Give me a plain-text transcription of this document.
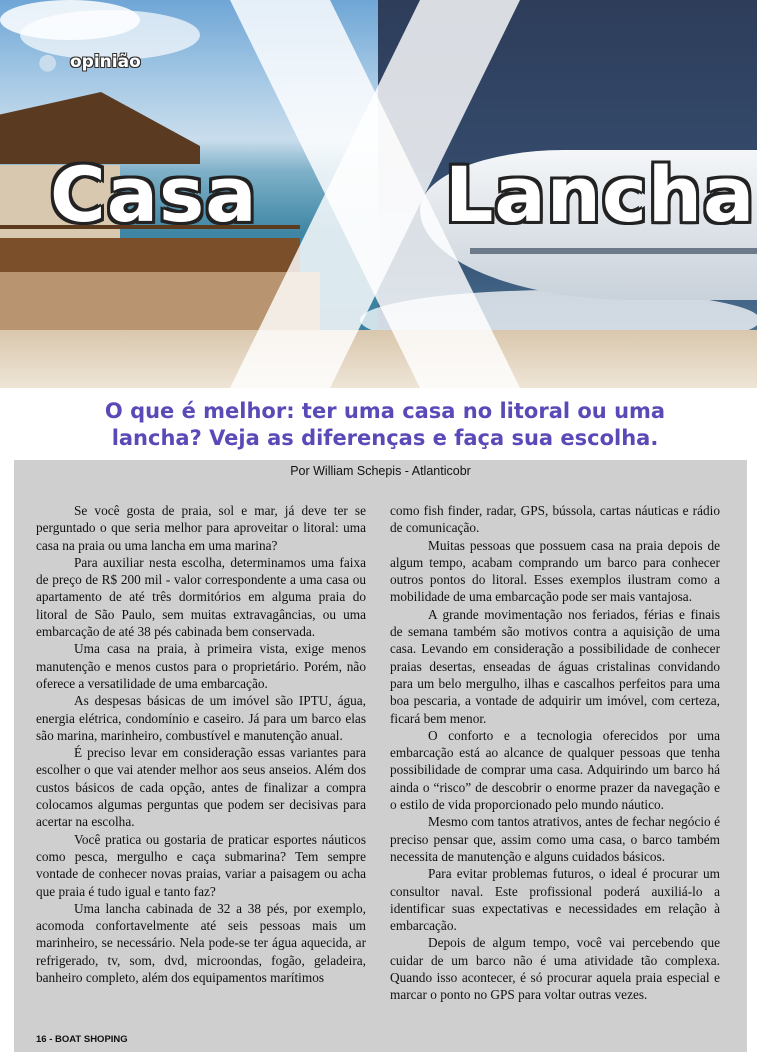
● opinião
Casa Lancha
O que é melhor: ter uma casa no litoral ou uma
lancha? Veja as diferenças e faça sua escolha.
Por William Schepis - Atlanticobr

Se você gosta de praia, sol e mar, já deve ter se perguntado o que seria melhor para aproveitar o litoral: uma casa na praia ou uma lancha em uma marina?

Para auxiliar nesta escolha, determinamos uma faixa de preço de R$ 200 mil - valor correspondente a uma casa ou apartamento de até três dormitórios em alguma praia do litoral de São Paulo, sem muitas extravagâncias, ou uma embarcação de até 38 pés cabinada bem conservada.

Uma casa na praia, à primeira vista, exige menos manutenção e menos custos para o proprietário. Porém, não oferece a versatilidade de uma embarcação.

As despesas básicas de um imóvel são IPTU, água, energia elétrica, condomínio e caseiro. Já para um barco elas são marina, marinheiro, combustível e manutenção anual.

É preciso levar em consideração essas variantes para escolher o que vai atender melhor aos seus anseios. Além dos custos básicos de cada opção, antes de finalizar a compra colocamos algumas perguntas que podem ser decisivas para acertar na escolha.

Você pratica ou gostaria de praticar esportes náuticos como pesca, mergulho e caça submarina? Tem sempre vontade de conhecer novas praias, variar a paisagem ou acha que praia é tudo igual e tanto faz?

Uma lancha cabinada de 32 a 38 pés, por exemplo, acomoda confortavelmente até seis pessoas mais um marinheiro, se necessário. Nela pode-se ter água aquecida, ar refrigerado, tv, som, dvd, microondas, fogão, geladeira, banheiro completo, além dos equipamentos marítimos

como fish finder, radar, GPS, bússola, cartas náuticas e rádio de comunicação.

Muitas pessoas que possuem casa na praia depois de algum tempo, acabam comprando um barco para conhecer outros pontos do litoral. Esses exemplos ilustram como a mobilidade de uma embarcação pode ser mais vantajosa.

A grande movimentação nos feriados, férias e finais de semana também são motivos contra a aquisição de uma casa. Levando em consideração a possibilidade de conhecer praias desertas, enseadas de águas cristalinas convidando para um belo mergulho, ilhas e cascalhos perfeitos para uma boa pescaria, a vontade de adquirir um imóvel, com certeza, ficará bem menor.

O conforto e a tecnologia oferecidos por uma embarcação está ao alcance de qualquer pessoas que tenha possibilidade de comprar uma casa. Adquirindo um barco há ainda o “risco” de descobrir o enorme prazer da navegação e o estilo de vida proporcionado pelo mundo náutico.

Mesmo com tantos atrativos, antes de fechar negócio é preciso pensar que, assim como uma casa, o barco também necessita de manutenção e alguns cuidados básicos.

Para evitar problemas futuros, o ideal é procurar um consultor naval. Este profissional poderá auxiliá-lo a identificar suas expectativas e necessidades em relação à embarcação.

Depois de algum tempo, você vai percebendo que cuidar de um barco não é uma atividade tão complexa. Quando isso acontecer, é só procurar aquela praia especial e marcar o ponto no GPS para voltar outras vezes.

16 - BOAT SHOPING
